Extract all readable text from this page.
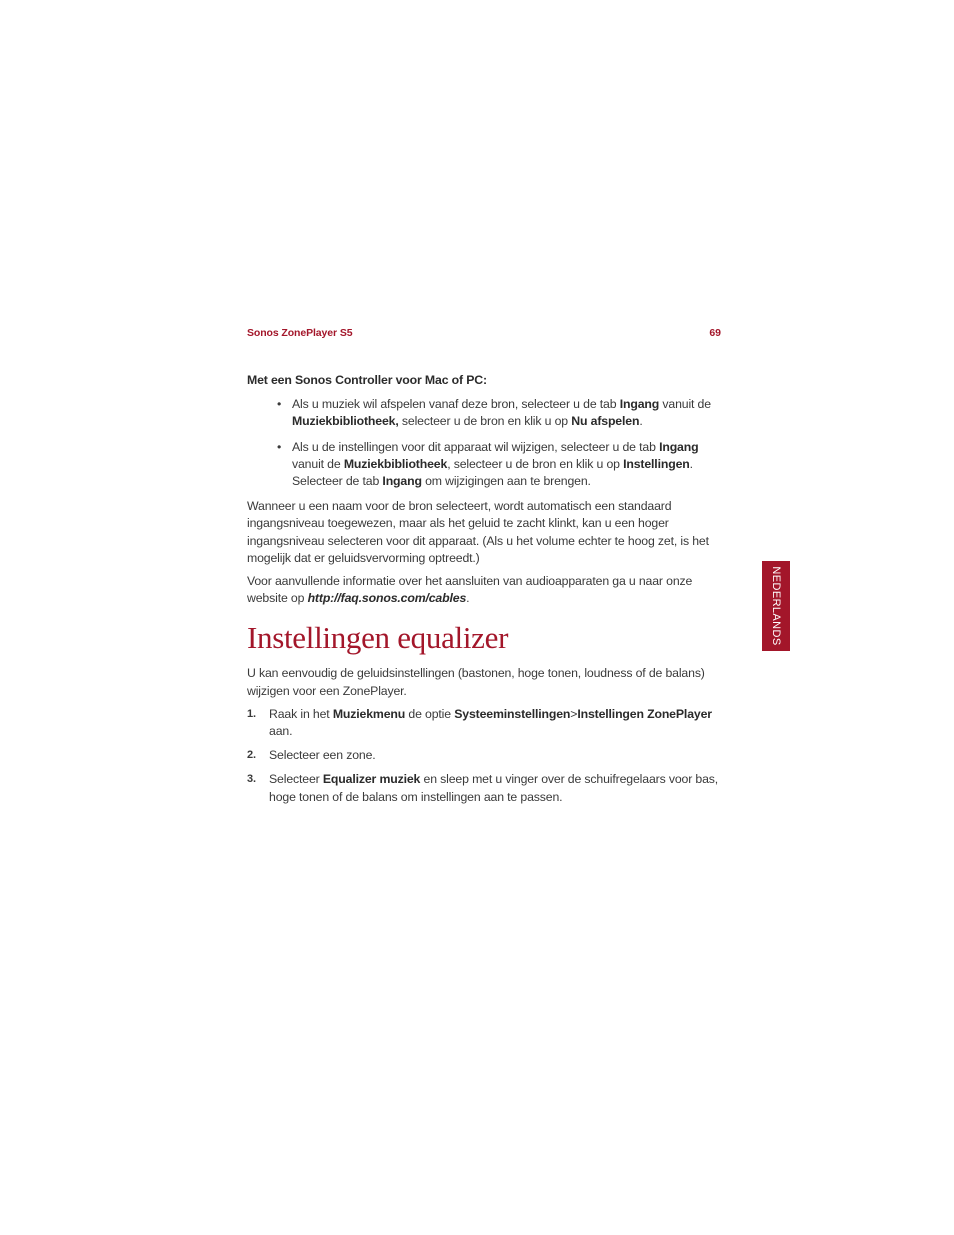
Sonos ZonePlayer S5	69
NEDERLANDS
Met een Sonos Controller voor Mac of PC:
• Als u muziek wil afspelen vanaf deze bron, selecteer u de tab Ingang vanuit de Muziekbibliotheek, selecteer u de bron en klik u op Nu afspelen.
• Als u de instellingen voor dit apparaat wil wijzigen, selecteer u de tab Ingang vanuit de Muziekbibliotheek, selecteer u de bron en klik u op Instellingen. Selecteer de tab Ingang om wijzigingen aan te brengen.

Wanneer u een naam voor de bron selecteert, wordt automatisch een standaard ingangsniveau toegewezen, maar als het geluid te zacht klinkt, kan u een hoger ingangsniveau selecteren voor dit apparaat. (Als u het volume echter te hoog zet, is het mogelijk dat er geluidsvervorming optreedt.)

Voor aanvullende informatie over het aansluiten van audioapparaten ga u naar onze website op http://faq.sonos.com/cables.

Instellingen equalizer

U kan eenvoudig de geluidsinstellingen (bastonen, hoge tonen, loudness of de balans) wijzigen voor een ZonePlayer.

1. Raak in het Muziekmenu de optie Systeeminstellingen>Instellingen ZonePlayer aan.
2. Selecteer een zone.
3. Selecteer Equalizer muziek en sleep met u vinger over de schuifregelaars voor bas, hoge tonen of de balans om instellingen aan te passen.
